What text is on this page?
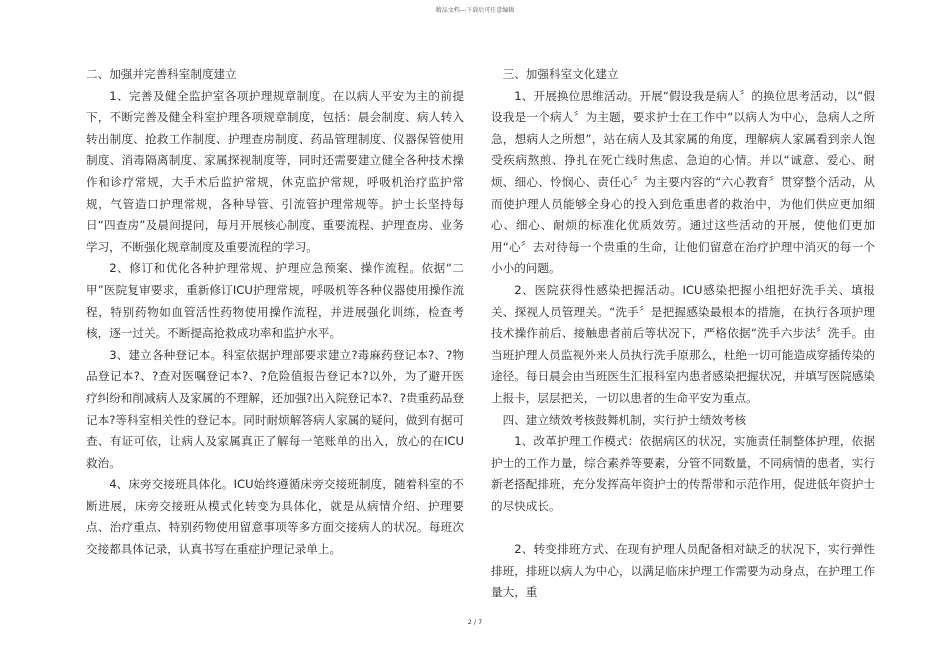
精品文档---下载后可任意编辑

二、加强并完善科室制度建立

1、完善及健全监护室各项护理规章制度。在以病人平安为主的前提下，不断完善及健全科室护理各项规章制度，包括：晨会制度、病人转入转出制度、抢救工作制度、护理查房制度、药品管理制度、仪器保管使用制度、消毒隔离制度、家属探视制度等，同时还需要建立健全各种技术操作和诊疗常规，大手术后监护常规，休克监护常规，呼吸机治疗监护常规，气管造口护理常规，各种导管、引流管护理常规等。护士长坚持每日“四查房”及晨间提问，每月开展核心制度、重要流程、护理查房、业务学习，不断强化规章制度及重要流程的学习。

2、修订和优化各种护理常规、护理应急预案、操作流程。依据“二甲”医院复审要求，重新修订ICU护理常规，呼吸机等各种仪器使用操作流程，特别药物如血管活性药物使用操作流程，并进展强化训练，检查考核，逐一过关。不断提高抢救成功率和监护水平。

3、建立各种登记本。科室依据护理部要求建立?毒麻药登记本?、?物品登记本?、?查对医嘱登记本?、?危险值报告登记本?以外，为了避开医疗纠纷和削减病人及家属的不理解，还加强?出入院登记本?、?贵重药品登记本?等科室相关性的登记本。同时耐烦解答病人家属的疑问，做到有据可查、有证可依，让病人及家属真正了解每一笔账单的出入，放心的在ICU救治。

4、床旁交接班具体化。ICU始终遵循床旁交接班制度，随着科室的不断进展，床旁交接班从模式化转变为具体化，就是从病情介绍、护理要点、治疗重点、特别药物使用留意事项等多方面交接病人的状况。每班次交接都具体记录，认真书写在重症护理记录单上。

三、加强科室文化建立

1、开展换位思维活动。开展“假设我是病人〞的换位思考活动，以“假设我是一个病人〞为主题，要求护士在工作中“以病人为中心，急病人之所急，想病人之所想”，站在病人及其家属的角度，理解病人家属看到亲人饱受疾病熬煎、挣扎在死亡线时焦虑、急迫的心情。并以“诚意、爱心、耐烦、细心、怜悯心、责任心〞为主要内容的“六心教育〞贯穿整个活动，从而使护理人员能够全身心的投入到危重患者的救治中，为他们供应更加细心、细心、耐烦的标准化优质效劳。通过这些活动的开展，使他们更加用“心〞去对待每一个贵重的生命，让他们留意在治疗护理中消灭的每一个小小的问题。

2、医院获得性感染把握活动。ICU感染把握小组把好洗手关、填报关、探视人员管理关。“洗手〞是把握感染最根本的措施，在执行各项护理技术操作前后、接触患者前后等状况下，严格依据“洗手六步法〞洗手。由当班护理人员监视外来人员执行洗手原那么，杜绝一切可能造成穿插传染的途径。每日晨会由当班医生汇报科室内患者感染把握状况，并填写医院感染上报卡，层层把关，一切以患者的生命平安为重点。

四、建立绩效考核鼓舞机制，实行护士绩效考核

1、改革护理工作模式：依据病区的状况，实施责任制整体护理，依据护士的工作力量，综合素养等要素，分管不同数量，不同病情的患者，实行新老搭配排班，充分发挥高年资护士的传帮带和示范作用，促进低年资护士的尽快成长。

2、转变排班方式、在现有护理人员配备相对缺乏的状况下，实行弹性排班，排班以病人为中心，以满足临床护理工作需要为动身点，在护理工作量大，重

2 / 7
